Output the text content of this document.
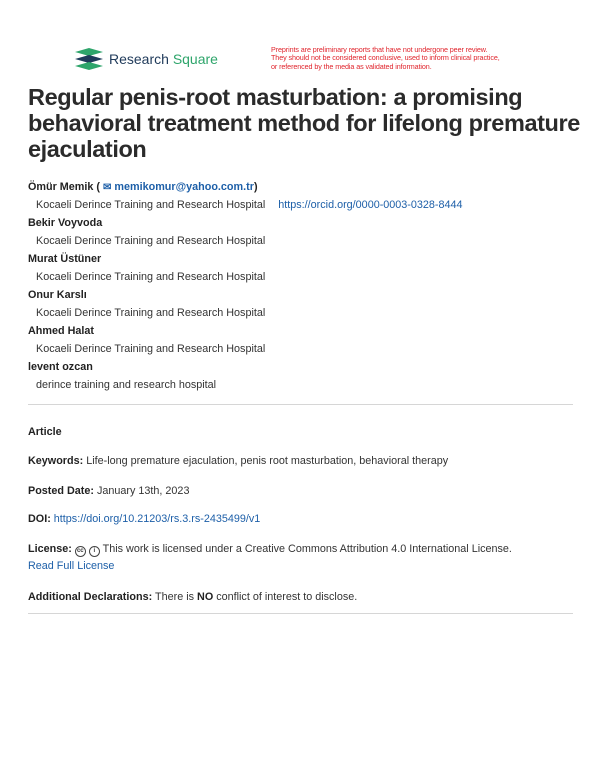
Research Square
Preprints are preliminary reports that have not undergone peer review.
They should not be considered conclusive, used to inform clinical practice,
or referenced by the media as validated information.
Regular penis-root masturbation: a promising behavioral treatment method for lifelong premature ejaculation
Ömür Memik ( ✉ memikomur@yahoo.com.tr)
Kocaeli Derince Training and Research Hospital https://orcid.org/0000-0003-0328-8444
Bekir Voyvoda
Kocaeli Derince Training and Research Hospital
Murat Üstüner
Kocaeli Derince Training and Research Hospital
Onur Karslı
Kocaeli Derince Training and Research Hospital
Ahmed Halat
Kocaeli Derince Training and Research Hospital
levent ozcan
derince training and research hospital
Article
Keywords: Life-long premature ejaculation, penis root masturbation, behavioral therapy
Posted Date: January 13th, 2023
DOI: https://doi.org/10.21203/rs.3.rs-2435499/v1
License: cc i This work is licensed under a Creative Commons Attribution 4.0 International License.
Read Full License
Additional Declarations: There is NO conflict of interest to disclose.
